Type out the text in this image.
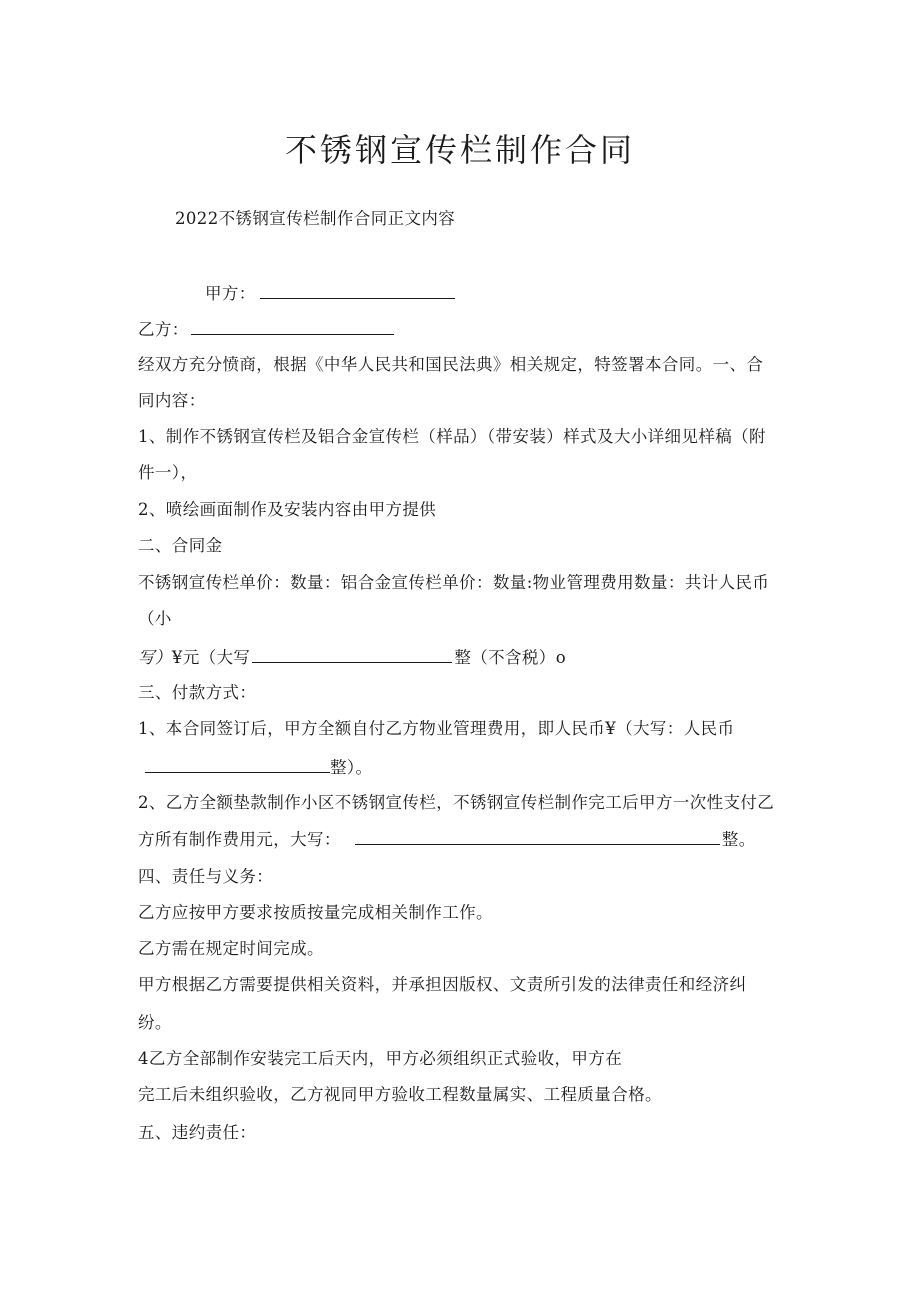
不锈钢宣传栏制作合同
2022不锈钢宣传栏制作合同正文内容
甲方：
乙方：
经双方充分愤商，根据《中华人民共和国民法典》相关规定，特签署本合同。一、合
同内容：
1、制作不锈钢宣传栏及铝合金宣传栏（样品）（带安装）样式及大小详细见样稿（附
件一），
2、喷绘画面制作及安装内容由甲方提供
二、合同金
不锈钢宣传栏单价：数量：铝合金宣传栏单价：数量:物业管理费用数量：共计人民币
（小
写）¥元（大写	整（不含税）o
三、付款方式：
1、本合同签订后，甲方全额自付乙方物业管理费用，即人民币¥（大写：人民币
整）。
2、乙方全额垫款制作小区不锈钢宣传栏，不锈钢宣传栏制作完工后甲方一次性支付乙
方所有制作费用元，大写：	整。
四、责任与义务：
乙方应按甲方要求按质按量完成相关制作工作。
乙方需在规定时间完成。
甲方根据乙方需要提供相关资料，并承担因版权、文责所引发的法律责任和经济纠
纷。
4乙方全部制作安装完工后天内，甲方必须组织正式验收，甲方在
完工后未组织验收，乙方视同甲方验收工程数量属实、工程质量合格。
五、违约责任：
